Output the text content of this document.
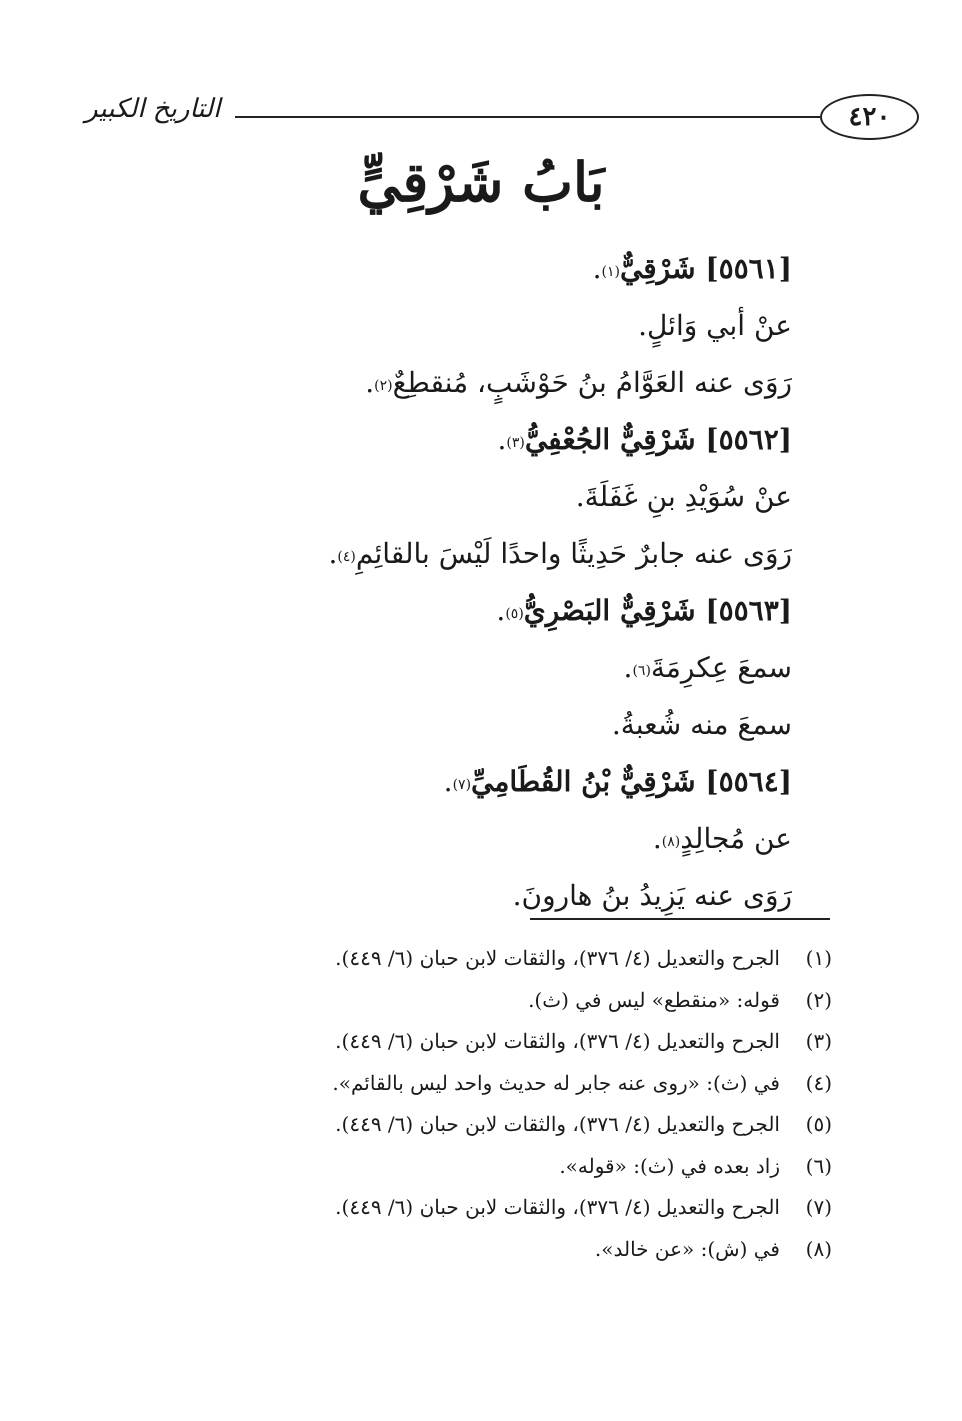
التاريخ الكبير	٤٢٠
بَابُ شَرْقِيٍّ
[٥٥٦١] شَرْقِيٌّ$^{(١)}$.
عنْ أبي وَائلٍ.
رَوَى عنه العَوَّامُ بنُ حَوْشَبٍ، مُنقطِعٌ$^{(٢)}$.
[٥٥٦٢] شَرْقِيٌّ الجُعْفِيُّ$^{(٣)}$.
عنْ سُوَيْدِ بنِ غَفَلَةَ.
رَوَى عنه جابرٌ حَدِيثًا واحدًا لَيْسَ بالقائِمِ$^{(٤)}$.
[٥٥٦٣] شَرْقِيٌّ البَصْرِيُّ$^{(٥)}$.
سمعَ عِكرِمَةَ$^{(٦)}$.
سمعَ منه شُعبةُ.
[٥٥٦٤] شَرْقِيٌّ بْنُ القُطَامِيِّ$^{(٧)}$.
عن مُجالِدٍ$^{(٨)}$.
رَوَى عنه يَزِيدُ بنُ هارونَ.
(١)الجرح والتعديل (٤/ ٣٧٦)، والثقات لابن حبان (٦/ ٤٤٩).
(٢)قوله: «منقطع» ليس في (ث).
(٣)الجرح والتعديل (٤/ ٣٧٦)، والثقات لابن حبان (٦/ ٤٤٩).
(٤)في (ث): «روى عنه جابر له حديث واحد ليس بالقائم».
(٥)الجرح والتعديل (٤/ ٣٧٦)، والثقات لابن حبان (٦/ ٤٤٩).
(٦)زاد بعده في (ث): «قوله».
(٧)الجرح والتعديل (٤/ ٣٧٦)، والثقات لابن حبان (٦/ ٤٤٩).
(٨)في (ش): «عن خالد».
